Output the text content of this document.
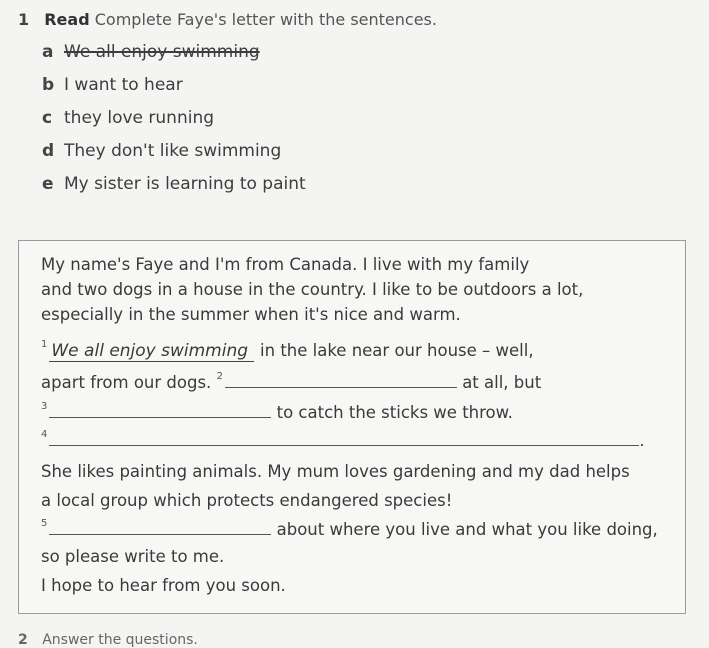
1 Read Complete Faye's letter with the sentences.
a We all enjoy swimming
b I want to hear
c they love running
d They don't like swimming
e My sister is learning to paint
My name's Faye and I'm from Canada. I live with my family
and two dogs in a house in the country. I like to be outdoors a lot,
especially in the summer when it's nice and warm.
$^1$ We all enjoy swimming in the lake near our house – well,
apart from our dogs. $^2$	at all, but
$^3$	to catch the sticks we throw.
$^4$	.
She likes painting animals. My mum loves gardening and my dad helps
a local group which protects endangered species!
$^5$	about where you live and what you like doing,
so please write to me.
I hope to hear from you soon.
2 Answer the questions.
